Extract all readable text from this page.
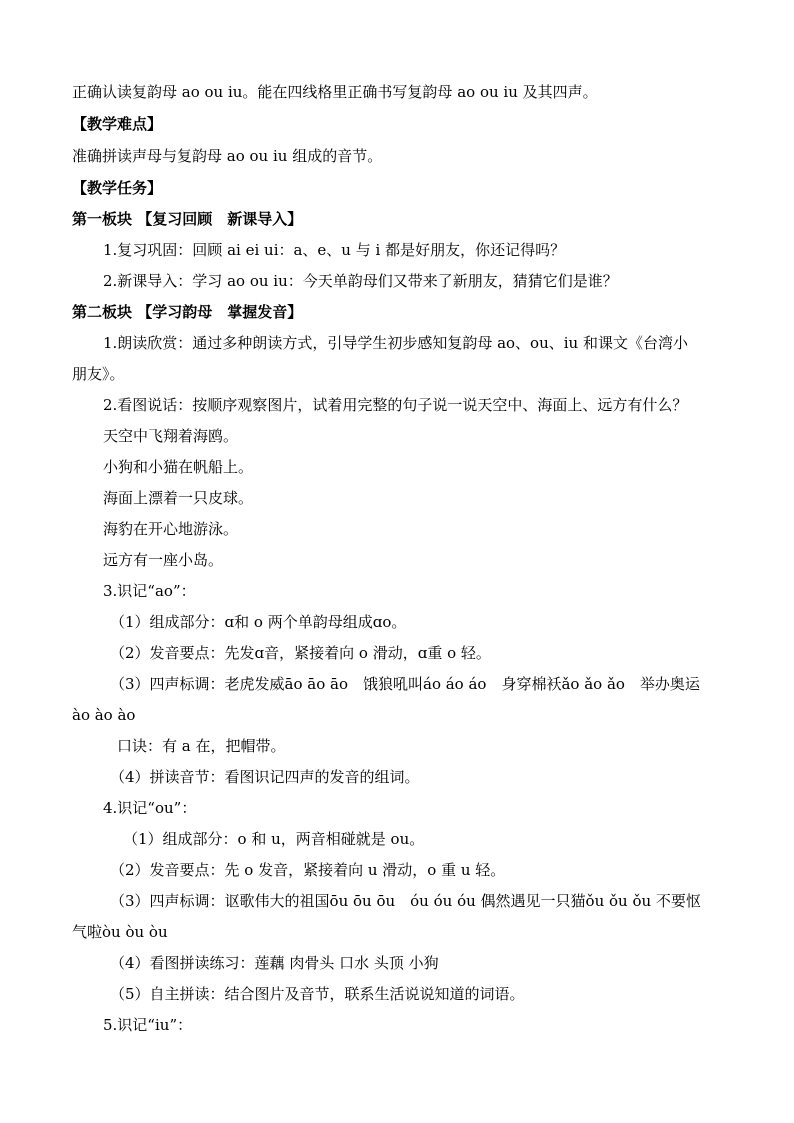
正确认读复韵母 ao ou iu。能在四线格里正确书写复韵母 ao ou iu 及其四声。
【教学难点】
准确拼读声母与复韵母 ao ou iu 组成的音节。
【教学任务】
第一板块 【复习回顾　新课导入】
1.复习巩固：回顾 ai ei ui：a、e、u 与 i 都是好朋友，你还记得吗？
2.新课导入：学习 ao ou iu：今天单韵母们又带来了新朋友，猜猜它们是谁？
第二板块 【学习韵母　掌握发音】
1.朗读欣赏：通过多种朗读方式，引导学生初步感知复韵母 ao、ou、iu 和课文《台湾小
朋友》。
2.看图说话：按顺序观察图片，试着用完整的句子说一说天空中、海面上、远方有什么？
天空中飞翔着海鸥。
小狗和小猫在帆船上。
海面上漂着一只皮球。
海豹在开心地游泳。
远方有一座小岛。
3.识记“ao”：
（1）组成部分：ɑ和 o 两个单韵母组成ɑo。
（2）发音要点：先发ɑ音，紧接着向 o 滑动，ɑ重 o 轻。
（3）四声标调：老虎发威āo āo āo　饿狼吼叫áo áo áo　身穿棉袄ǎo ǎo ǎo　举办奥运
ào ào ào
口诀：有 a 在，把帽带。
（4）拼读音节：看图识记四声的发音的组词。
4.识记“ou”：
（1）组成部分：o 和 u，两音相碰就是 ou。
（2）发音要点：先 o 发音，紧接着向 u 滑动，o 重 u 轻。
（3）四声标调：讴歌伟大的祖国ōu ōu ōu　óu óu óu 偶然遇见一只猫ǒu ǒu ǒu 不要怄
气啦òu òu òu
（4）看图拼读练习：莲藕 肉骨头 口水 头顶 小狗
（5）自主拼读：结合图片及音节，联系生活说说知道的词语。
5.识记“iu”：
